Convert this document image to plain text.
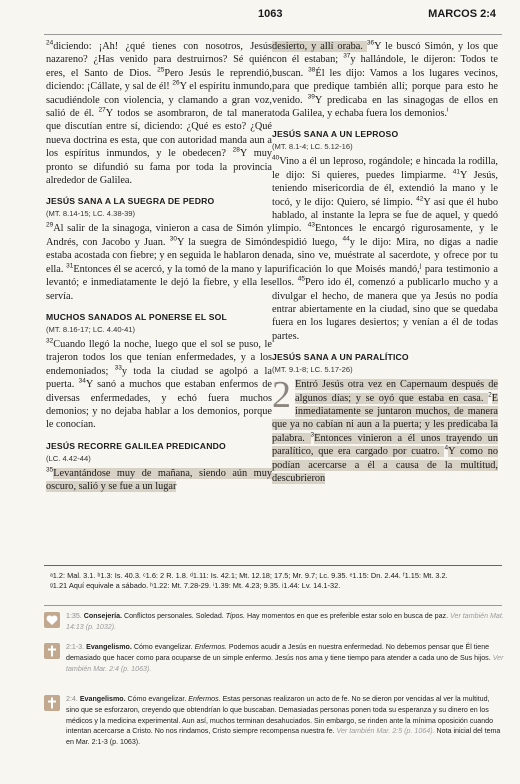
1063	MARCOS 2:4

$^{24}$diciendo: ¡Ah! ¿qué tienes con nosotros, Jesús nazareno? ¿Has venido para destruirnos? Sé quién eres, el Santo de Dios. $^{25}$Pero Jesús le reprendió, diciendo: ¡Cállate, y sal de él! $^{26}$Y el espíritu inmundo, sacudiéndole con violencia, y clamando a gran voz, salió de él. $^{27}$Y todos se asombraron, de tal manera que discutían entre sí, diciendo: ¿Qué es esto? ¿Qué nueva doctrina es esta, que con autoridad manda aun a los espíritus inmundos, y le obedecen? $^{28}$Y muy pronto se difundió su fama por toda la provincia alrededor de Galilea.

JESÚS SANA A LA SUEGRA DE PEDRO
(MT. 8.14-15; LC. 4.38-39)

$^{29}$Al salir de la sinagoga, vinieron a casa de Simón y Andrés, con Jacobo y Juan. $^{30}$Y la suegra de Simón estaba acostada con fiebre; y en seguida le hablaron de ella. $^{31}$Entonces él se acercó, y la tomó de la mano y la levantó; e inmediatamente le dejó la fiebre, y ella les servía.

MUCHOS SANADOS AL PONERSE EL SOL
(MT. 8.16-17; LC. 4.40-41)

$^{32}$Cuando llegó la noche, luego que el sol se puso, le trajeron todos los que tenían enfermedades, y a los endemoniados; $^{33}$y toda la ciudad se agolpó a la puerta. $^{34}$Y sanó a muchos que estaban enfermos de diversas enfermedades, y echó fuera muchos demonios; y no dejaba hablar a los demonios, porque le conocían.

JESÚS RECORRE GALILEA PREDICANDO
(LC. 4.42-44)

$^{35}$Levantándose muy de mañana, siendo aún muy oscuro, salió y se fue a un lugar

desierto, y allí oraba. $^{36}$Y le buscó Simón, y los que con él estaban; $^{37}$y hallándole, le dijeron: Todos te buscan. $^{38}$Él les dijo: Vamos a los lugares vecinos, para que predique también allí; porque para esto he venido. $^{39}$Y predicaba en las sinagogas de ellos en toda Galilea, y echaba fuera los demonios.$^i$

JESÚS SANA A UN LEPROSO
(MT. 8.1-4; LC. 5.12-16)

$^{40}$Vino a él un leproso, rogándole; e hincada la rodilla, le dijo: Si quieres, puedes limpiarme. $^{41}$Y Jesús, teniendo misericordia de él, extendió la mano y le tocó, y le dijo: Quiero, sé limpio. $^{42}$Y así que él hubo hablado, al instante la lepra se fue de aquel, y quedó limpio. $^{43}$Entonces le encargó rigurosamente, y le despidió luego, $^{44}$y le dijo: Mira, no digas a nadie nada, sino ve, muéstrate al sacerdote, y ofrece por tu purificación lo que Moisés mandó,$^j$ para testimonio a ellos. $^{45}$Pero ido él, comenzó a publicarlo mucho y a divulgar el hecho, de manera que ya Jesús no podía entrar abiertamente en la ciudad, sino que se quedaba fuera en los lugares desiertos; y venían a él de todas partes.

JESÚS SANA A UN PARALÍTICO
(MT. 9.1-8; LC. 5.17-26)

2 Entró Jesús otra vez en Capernaum después de algunos días; y se oyó que estaba en casa. $^2$E inmediatamente se juntaron muchos, de manera que ya no cabían ni aun a la puerta; y les predicaba la palabra. $^3$Entonces vinieron a él unos trayendo un paralítico, que era cargado por cuatro. $^4$Y como no podían acercarse a él a causa de la multitud, descubrieron

ᵃ1.2: Mal. 3.1. ᵇ1.3: Is. 40.3. ᶜ1.6: 2 R. 1.8. ᵈ1.11: Is. 42.1; Mt. 12.18; 17.5; Mr. 9.7; Lc. 9.35. ᵉ1.15: Dn. 2.44. ᶠ1.15: Mt. 3.2.
ᵍ1.21 Aquí equivale a sábado. ʰ1.22: Mt. 7.28-29. ⁱ1.39: Mt. 4.23; 9.35. ʲ1.44: Lv. 14.1-32.
1:35. Consejería. Conflictos personales. Soledad. Tipos. Hay momentos en que es preferible estar solo en busca de paz. Ver también Mat. 14:13 (p. 1032).
2:1-3. Evangelismo. Cómo evangelizar. Enfermos. Podemos acudir a Jesús en nuestra enfermedad. No debemos pensar que Él tiene demasiado que hacer como para ocuparse de un simple enfermo. Jesús nos ama y tiene tiempo para atender a cada uno de Sus hijos. Ver también Mar. 2:4 (p. 1063).
2:4. Evangelismo. Cómo evangelizar. Enfermos. Estas personas realizaron un acto de fe. No se dieron por vencidas al ver la multitud, sino que se esforzaron, creyendo que obtendrían lo que buscaban. Demasiadas personas ponen toda su esperanza y su dinero en los médicos y la medicina experimental. Aun así, muchos terminan desahuciados. Sin embargo, se rinden ante la mínima oposición cuando intentan acercarse a Cristo. No nos rindamos, Cristo siempre recompensa nuestra fe. Ver también Mar. 2:5 (p. 1064). Nota inicial del tema en Mar. 2:1-3 (p. 1063).
